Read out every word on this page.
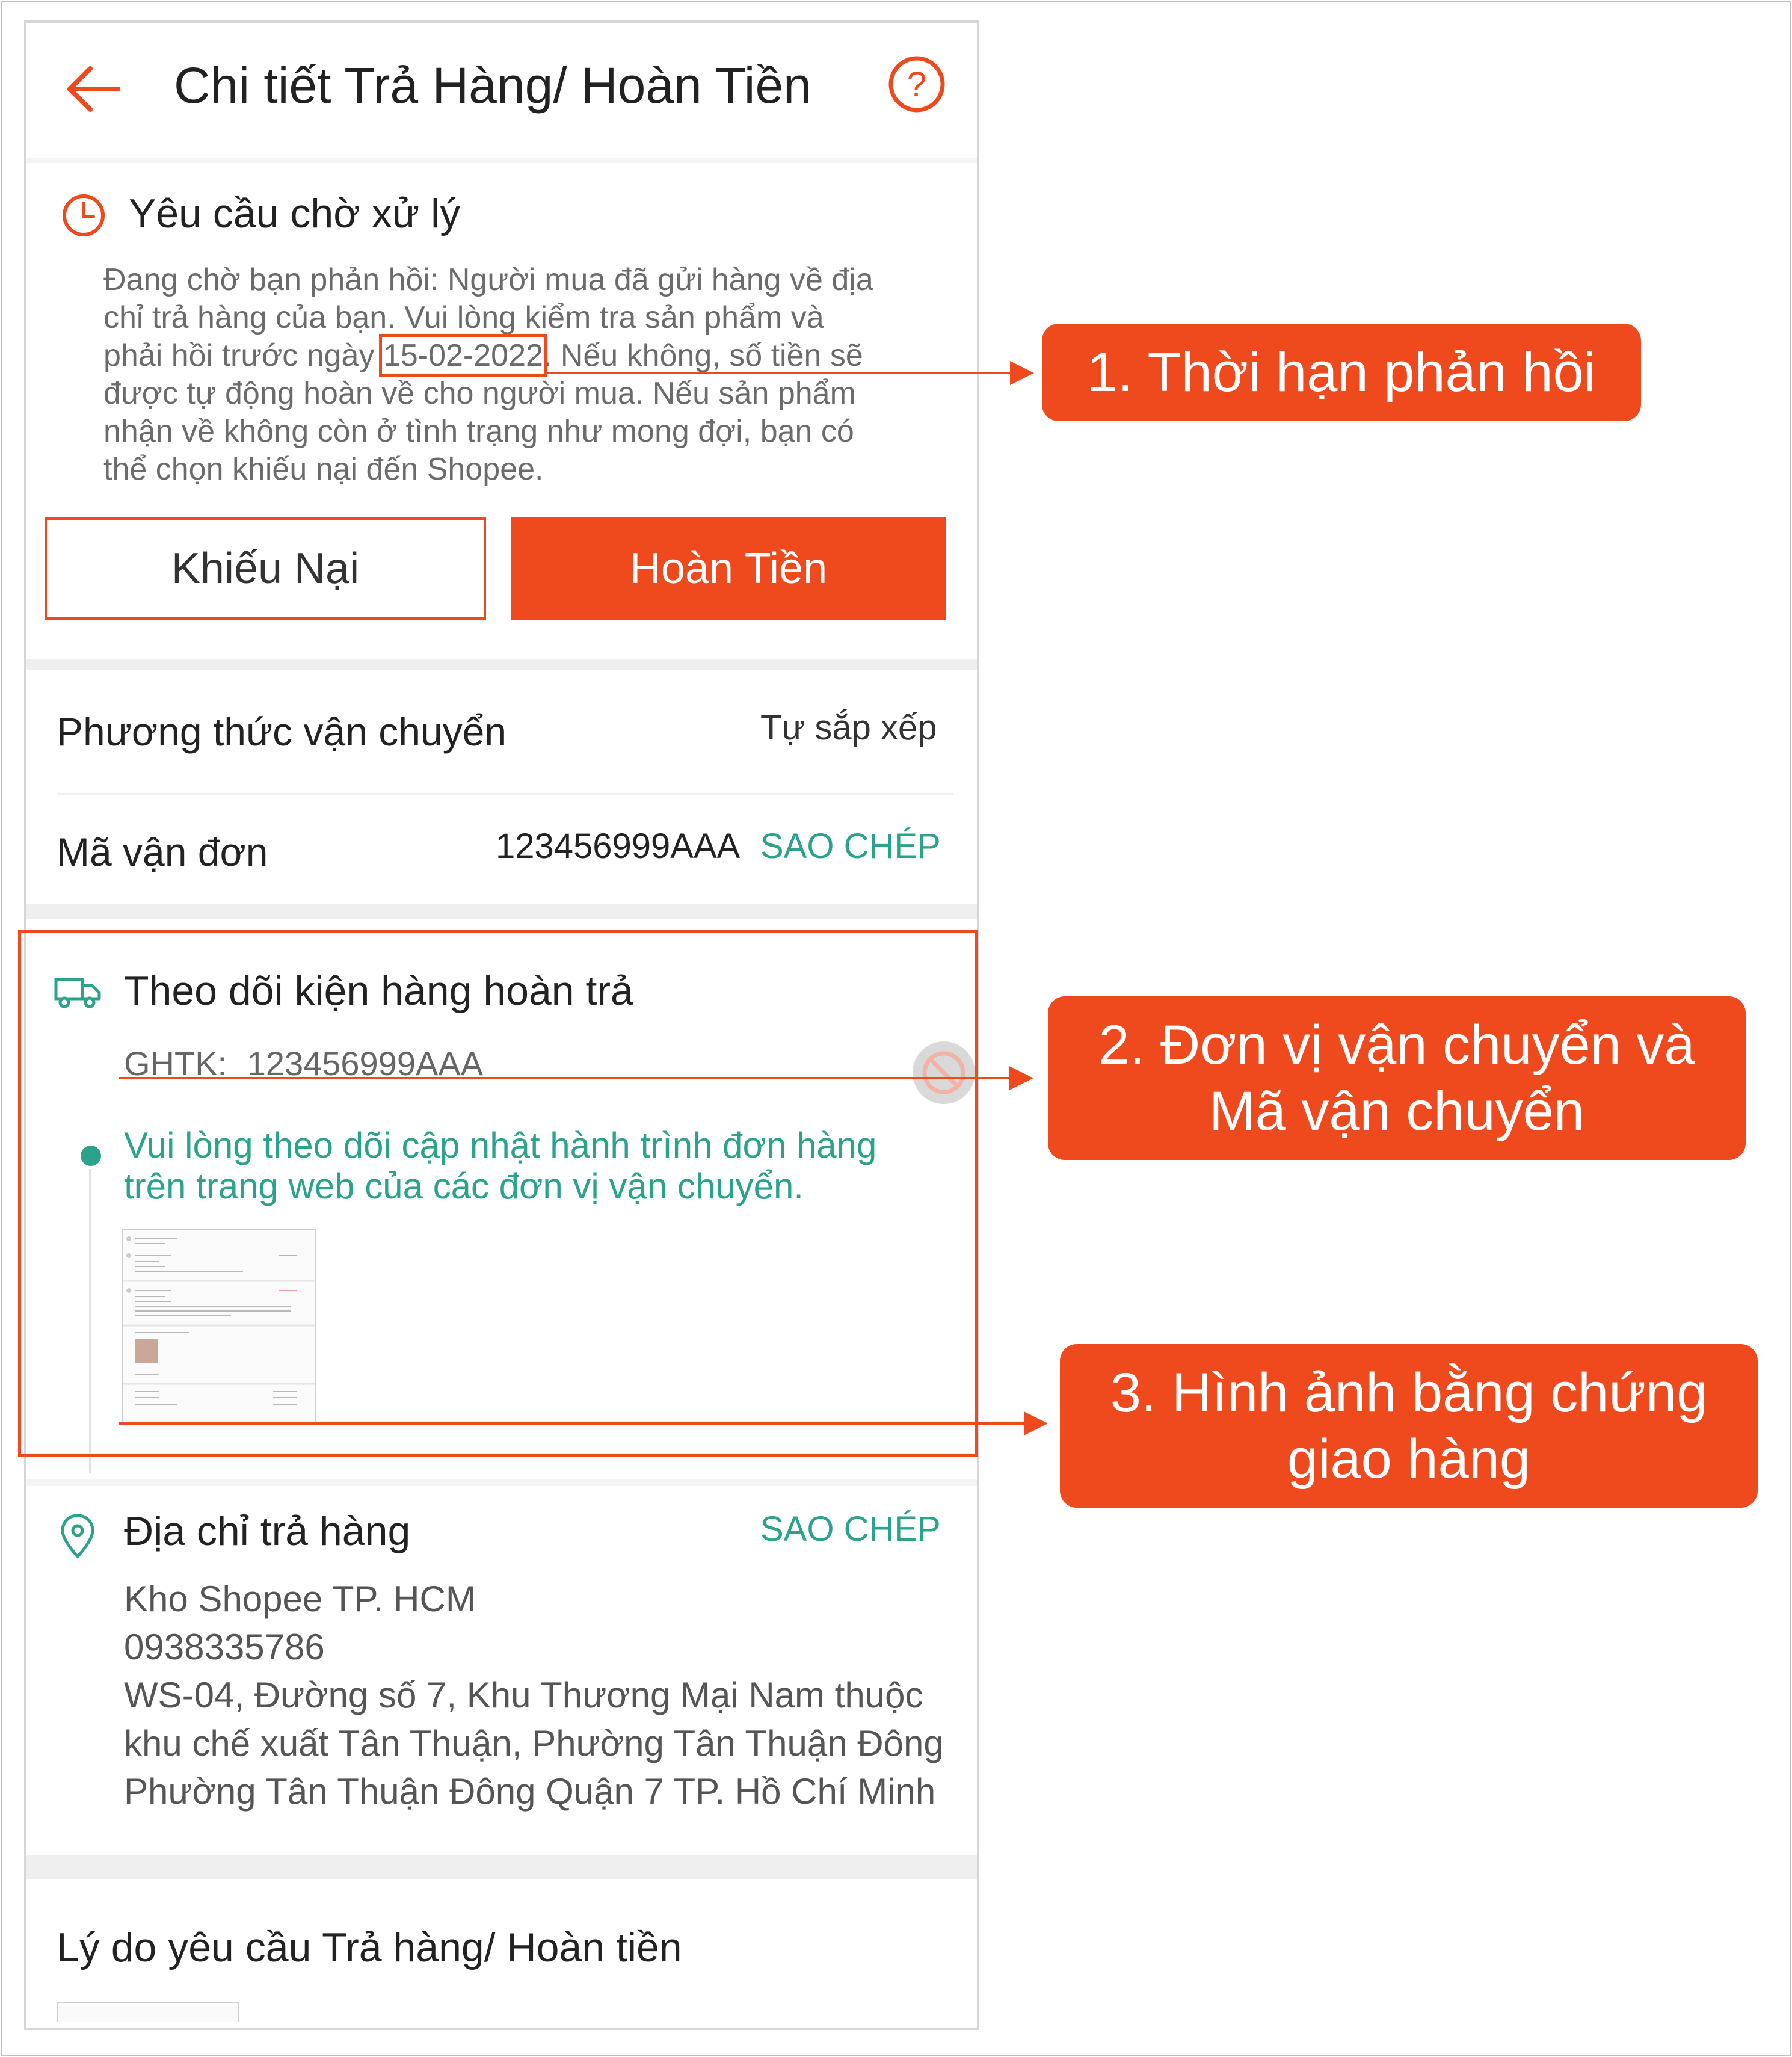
Chi tiết Trả Hàng/ Hoàn Tiền	?
Yêu cầu chờ xử lý
Đang chờ bạn phản hồi: Người mua đã gửi hàng về địa
chỉ trả hàng của bạn. Vui lòng kiểm tra sản phẩm và
phải hồi trước ngày 15-02-2022. Nếu không, số tiền sẽ
được tự động hoàn về cho người mua. Nếu sản phẩm
nhận về không còn ở tình trạng như mong đợi, bạn có
thể chọn khiếu nại đến Shopee.
Khiếu Nại	Hoàn Tiền
Phương thức vận chuyển	Tự sắp xếp
Mã vận đơn	123456999AAA SAO CHÉP
Theo dõi kiện hàng hoàn trả
GHTK: 123456999AAA
Vui lòng theo dõi cập nhật hành trình đơn hàng
trên trang web của các đơn vị vận chuyển.
Địa chỉ trả hàng	SAO CHÉP
Kho Shopee TP. HCM
0938335786
WS-04, Đường số 7, Khu Thương Mại Nam thuộc
khu chế xuất Tân Thuận, Phường Tân Thuận Đông
Phường Tân Thuận Đông Quận 7 TP. Hồ Chí Minh
Lý do yêu cầu Trả hàng/ Hoàn tiền
1. Thời hạn phản hồi
2. Đơn vị vận chuyển và
Mã vận chuyển
3. Hình ảnh bằng chứng
giao hàng
